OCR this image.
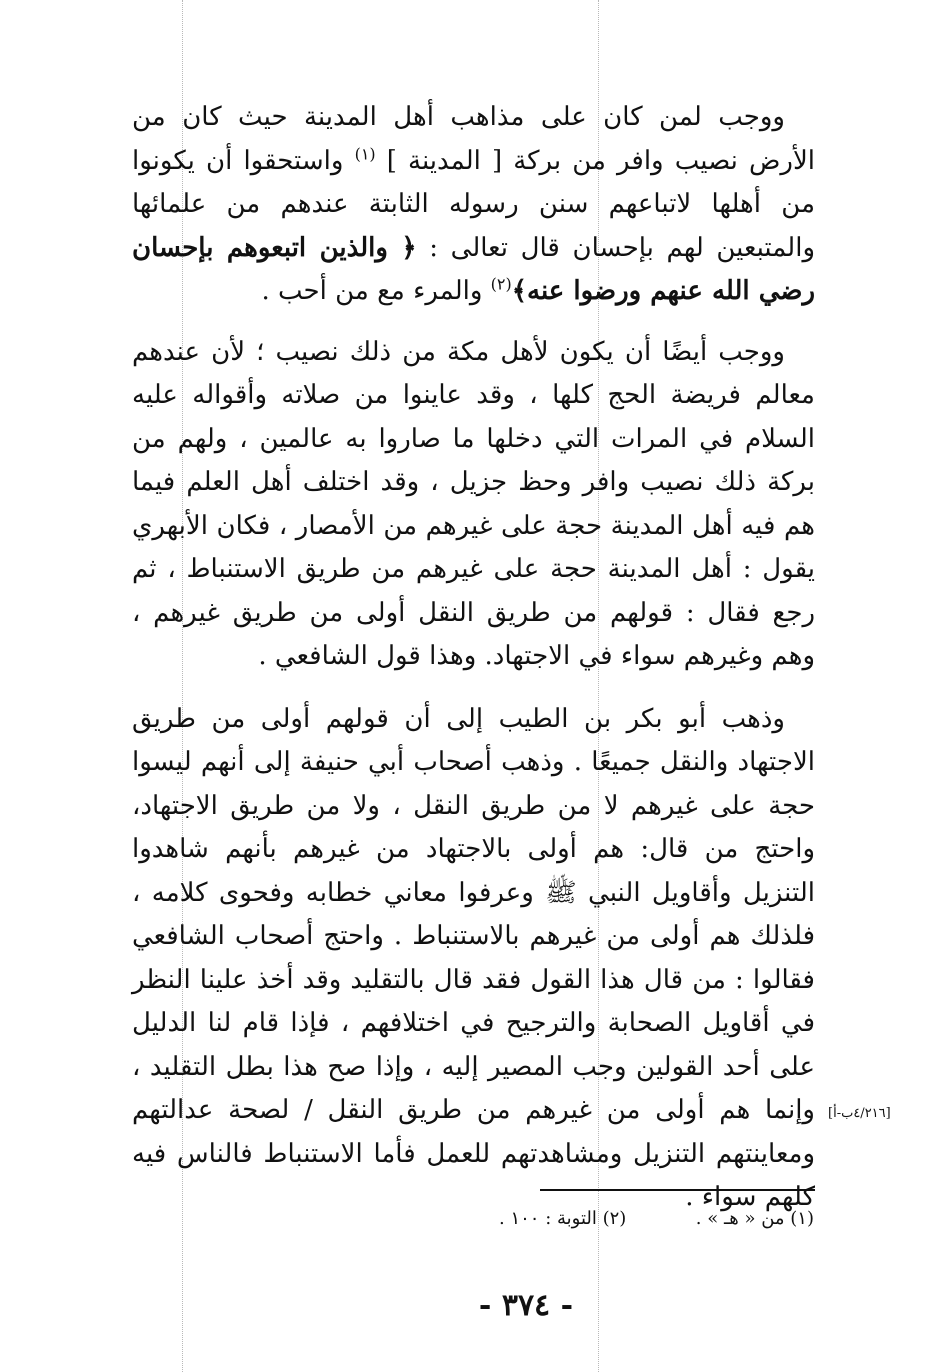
ووجب لمن كان على مذاهب أهل المدينة حيث كان من الأرض نصيب وافر من بركة [ المدينة ] $^{(١)}$ واستحقوا أن يكونوا من أهلها لاتباعهم سنن رسوله الثابتة عندهم من علمائها والمتبعين لهم بإحسان قال تعالى : ﴿ والذين اتبعوهم بإحسان رضي الله عنهم ورضوا عنه﴾$^{(٢)}$ والمرء مع من أحب .

ووجب أيضًا أن يكون لأهل مكة من ذلك نصيب ؛ لأن عندهم معالم فريضة الحج كلها ، وقد عاينوا من صلاته وأقواله عليه السلام في المرات التي دخلها ما صاروا به عالمين ، ولهم من بركة ذلك نصيب وافر وحظ جزيل ، وقد اختلف أهل العلم فيما هم فيه أهل المدينة حجة على غيرهم من الأمصار ، فكان الأبهري يقول : أهل المدينة حجة على غيرهم من طريق الاستنباط ، ثم رجع فقال : قولهم من طريق النقل أولى من طريق غيرهم ، وهم وغيرهم سواء في الاجتهاد. وهذا قول الشافعي .

وذهب أبو بكر بن الطيب إلى أن قولهم أولى من طريق الاجتهاد والنقل جميعًا . وذهب أصحاب أبي حنيفة إلى أنهم ليسوا حجة على غيرهم لا من طريق النقل ، ولا من طريق الاجتهاد، واحتج من قال: هم أولى بالاجتهاد من غيرهم بأنهم شاهدوا التنزيل وأقاويل النبي ﷺ وعرفوا معاني خطابه وفحوى كلامه ، فلذلك هم أولى من غيرهم بالاستنباط . واحتج أصحاب الشافعي فقالوا : من قال هذا القول فقد قال بالتقليد وقد أخذ علينا النظر في أقاويل الصحابة والترجيح في اختلافهم ، فإذا قام لنا الدليل على أحد القولين وجب المصير إليه ، وإذا صح هذا بطل التقليد ، وإنما هم أولى من غيرهم من طريق النقل / لصحة عدالتهم ومعاينتهم التنزيل ومشاهدتهم للعمل فأما الاستنباط فالناس فيه كلهم سواء .

[٤/٢١٦ب-أ]
(١) من « هـ » .  (٢) التوبة : ١٠٠ .
- ٣٧٤ -
